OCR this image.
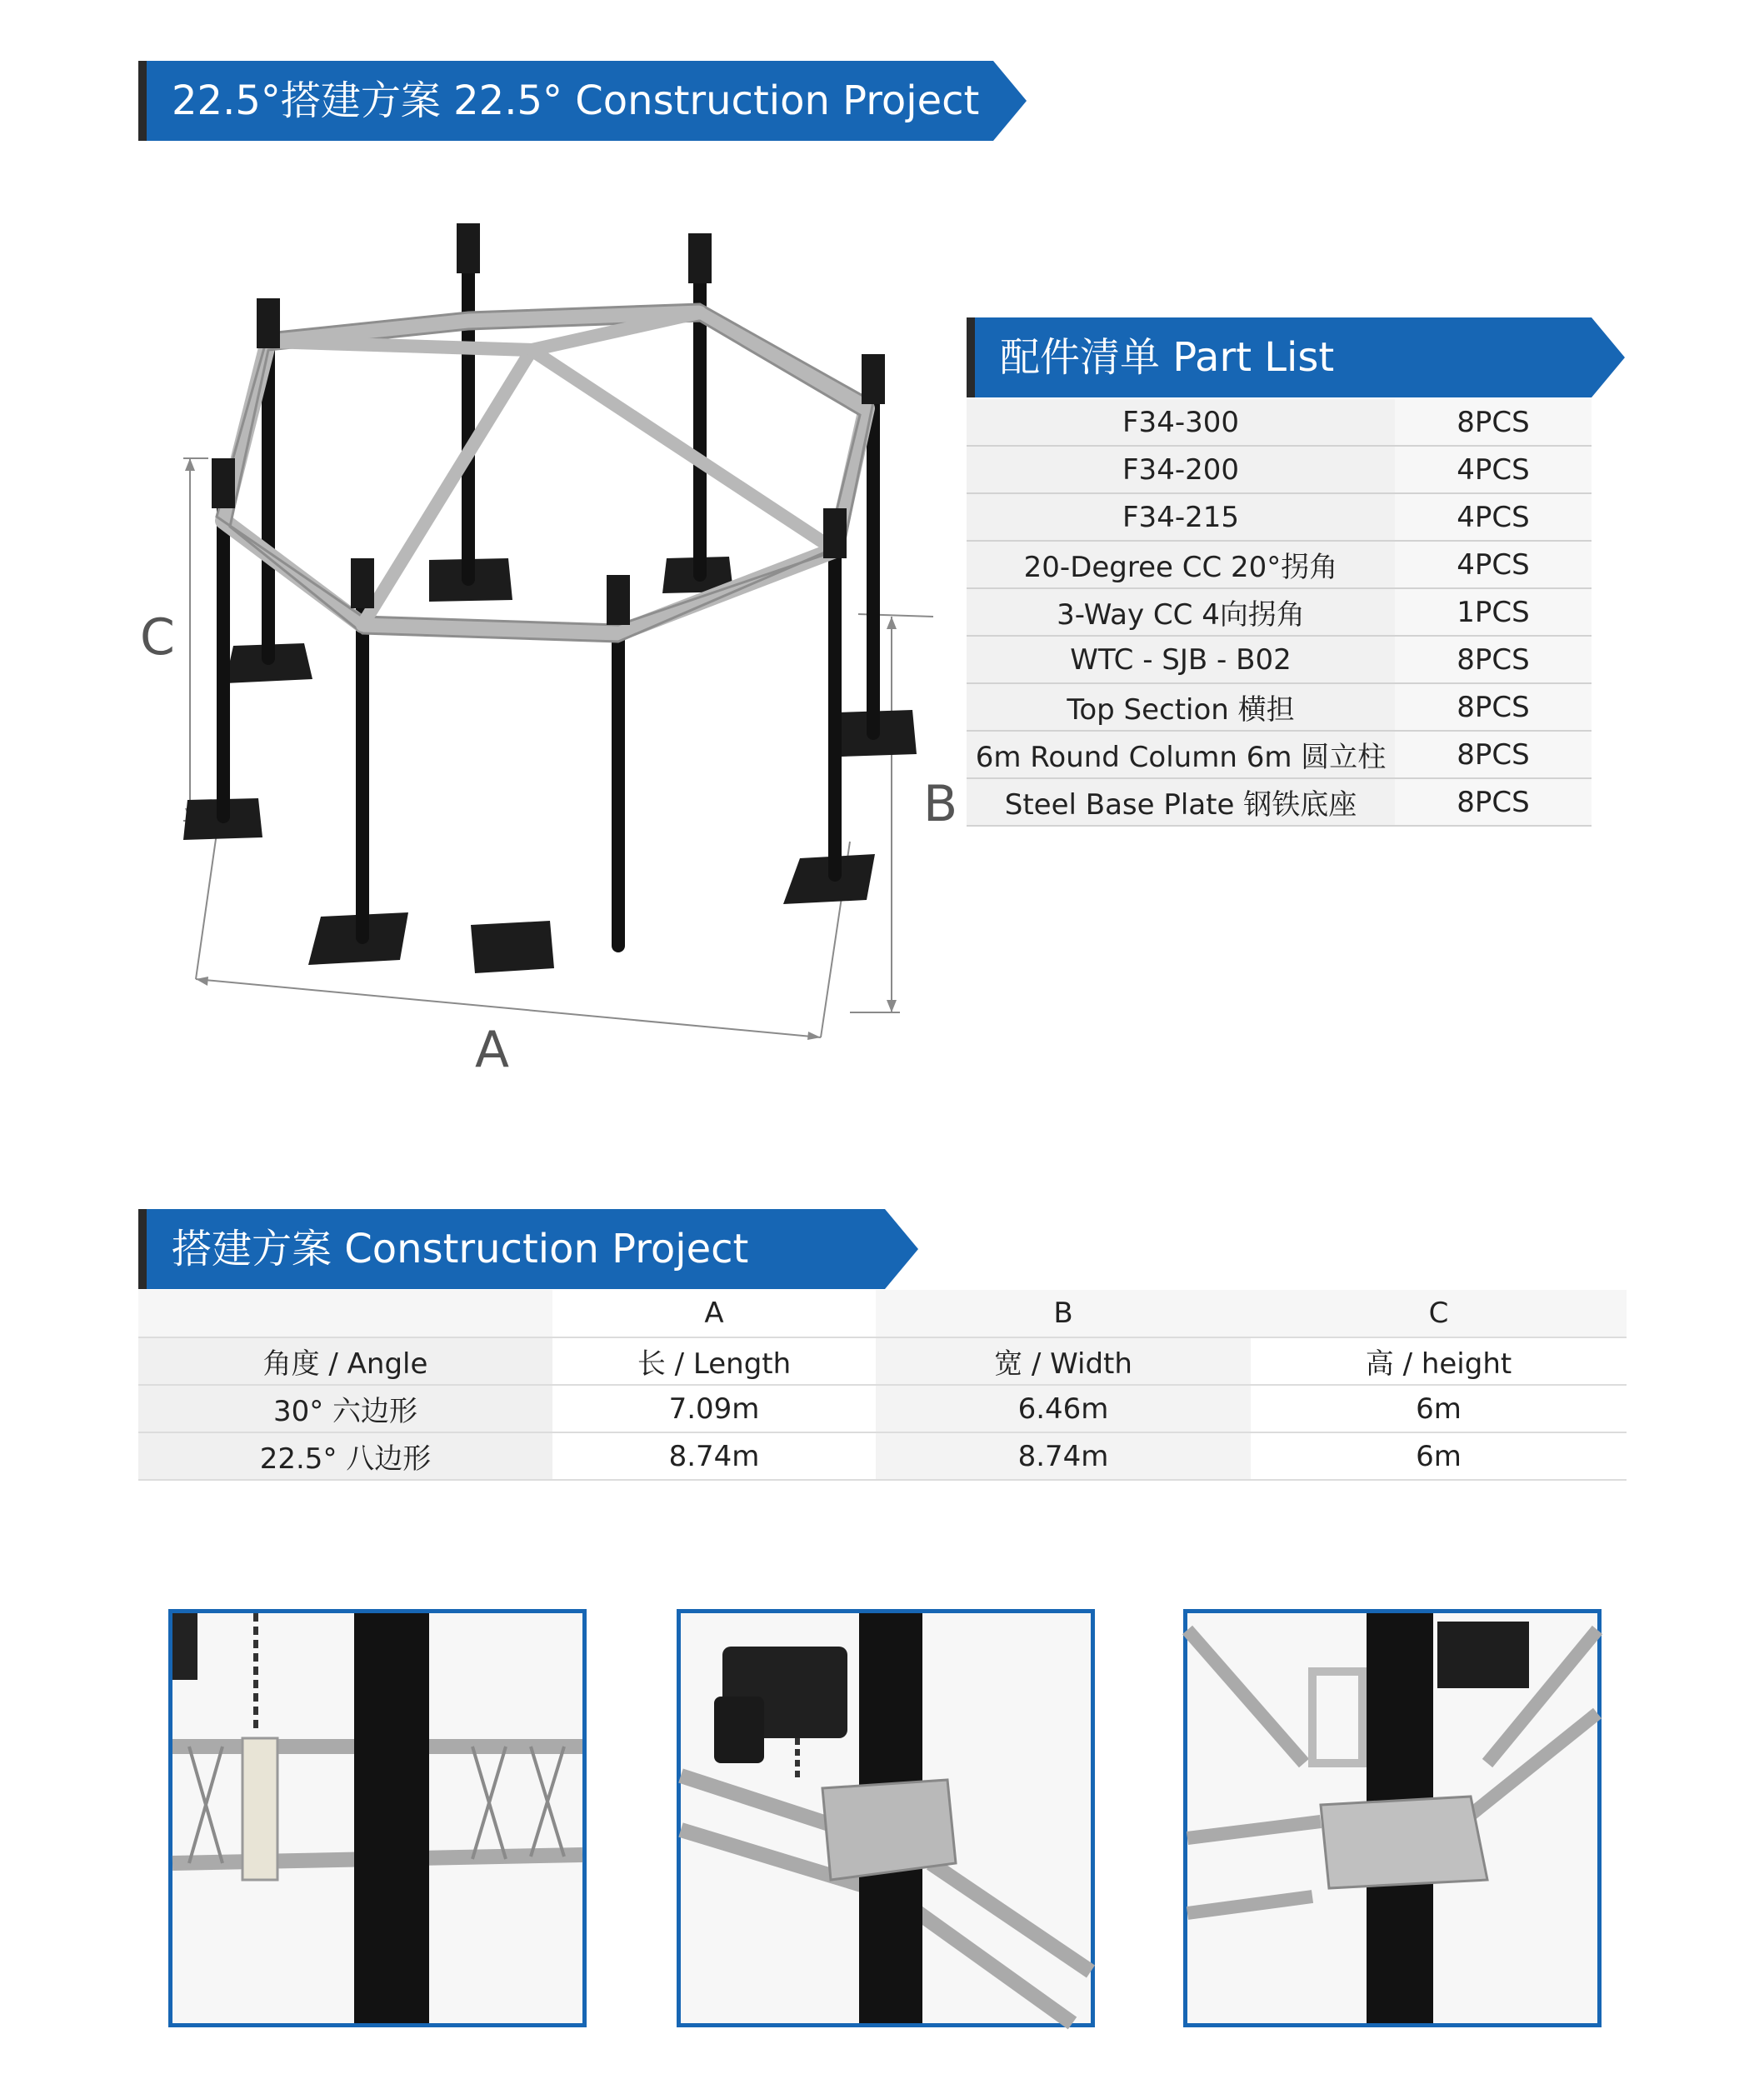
22.5°搭建方案 22.5° Construction Project
C
B
A
配件清单 Part List
F34-300	8PCS
F34-200	4PCS
F34-215	4PCS
20-Degree CC 20°拐角	4PCS
3-Way CC 4向拐角	1PCS
WTC - SJB - B02	8PCS
Top Section 横担	8PCS
6m Round Column 6m 圆立柱	8PCS
Steel Base Plate 钢铁底座	8PCS
搭建方案 Construction Project
	A	B	C
角度 / Angle	长 / Length	宽 / Width	高 / height
30° 六边形	7.09m	6.46m	6m
22.5° 八边形	8.74m	8.74m	6m
